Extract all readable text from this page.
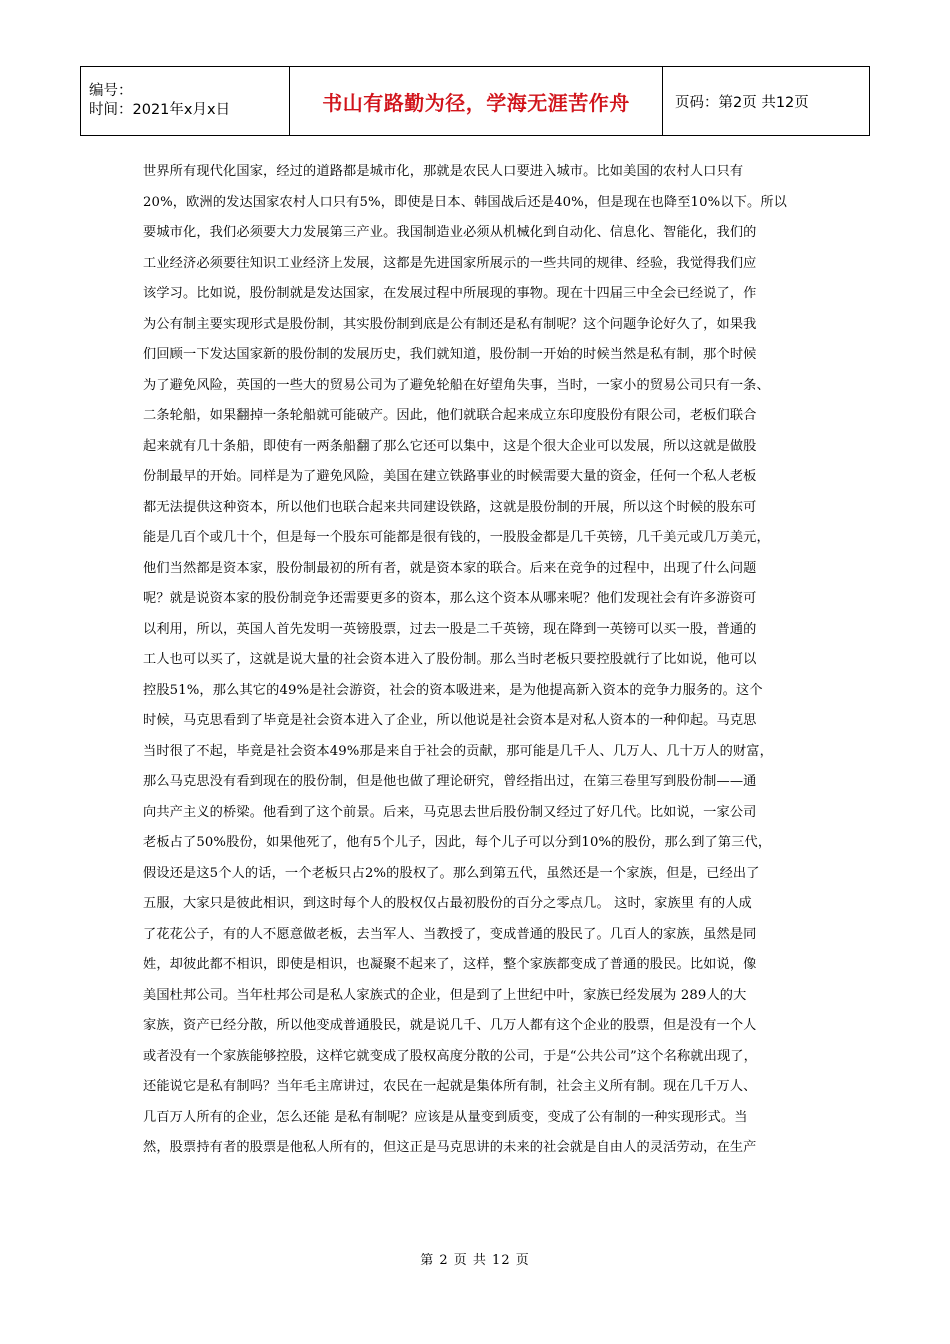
编号：
时间：2021年x月x日	书山有路勤为径，学海无涯苦作舟	页码：第2页 共12页

世界所有现代化国家，经过的道路都是城市化，那就是农民人口要进入城市。比如美国的农村人口只有

20%，欧洲的发达国家农村人口只有5%，即使是日本、韩国战后还是40%，但是现在也降至10%以下。所以

要城市化，我们必须要大力发展第三产业。我国制造业必须从机械化到自动化、信息化、智能化，我们的

工业经济必须要往知识工业经济上发展，这都是先进国家所展示的一些共同的规律、经验，我觉得我们应

该学习。比如说，股份制就是发达国家，在发展过程中所展现的事物。现在十四届三中全会已经说了，作

为公有制主要实现形式是股份制，其实股份制到底是公有制还是私有制呢？这个问题争论好久了，如果我

们回顾一下发达国家新的股份制的发展历史，我们就知道，股份制一开始的时候当然是私有制，那个时候

为了避免风险，英国的一些大的贸易公司为了避免轮船在好望角失事，当时，一家小的贸易公司只有一条、

二条轮船，如果翻掉一条轮船就可能破产。因此，他们就联合起来成立东印度股份有限公司，老板们联合

起来就有几十条船，即使有一两条船翻了那么它还可以集中，这是个很大企业可以发展，所以这就是做股

份制最早的开始。同样是为了避免风险，美国在建立铁路事业的时候需要大量的资金，任何一个私人老板

都无法提供这种资本，所以他们也联合起来共同建设铁路，这就是股份制的开展，所以这个时候的股东可

能是几百个或几十个，但是每一个股东可能都是很有钱的，一股股金都是几千英镑，几千美元或几万美元，

他们当然都是资本家，股份制最初的所有者，就是资本家的联合。后来在竞争的过程中，出现了什么问题

呢？就是说资本家的股份制竞争还需要更多的资本，那么这个资本从哪来呢？他们发现社会有许多游资可

以利用，所以，英国人首先发明一英镑股票，过去一股是二千英镑，现在降到一英镑可以买一股，普通的

工人也可以买了，这就是说大量的社会资本进入了股份制。那么当时老板只要控股就行了比如说，他可以

控股51%，那么其它的49%是社会游资，社会的资本吸进来，是为他提高新入资本的竞争力服务的。这个

时候，马克思看到了毕竟是社会资本进入了企业，所以他说是社会资本是对私人资本的一种仰起。马克思

当时很了不起，毕竟是社会资本49%那是来自于社会的贡献，那可能是几千人、几万人、几十万人的财富，

那么马克思没有看到现在的股份制，但是他也做了理论研究，曾经指出过，在第三卷里写到股份制——通

向共产主义的桥梁。他看到了这个前景。后来，马克思去世后股份制又经过了好几代。比如说，一家公司

老板占了50%股份，如果他死了，他有5个儿子，因此，每个儿子可以分到10%的股份，那么到了第三代，

假设还是这5个人的话，一个老板只占2%的股权了。那么到第五代，虽然还是一个家族，但是，已经出了

五服，大家只是彼此相识，到这时每个人的股权仅占最初股份的百分之零点几。 这时，家族里 有的人成

了花花公子，有的人不愿意做老板，去当军人、当教授了，变成普通的股民了。几百人的家族，虽然是同

姓，却彼此都不相识，即使是相识，也凝聚不起来了，这样，整个家族都变成了普通的股民。比如说，像

美国杜邦公司。当年杜邦公司是私人家族式的企业，但是到了上世纪中叶，家族已经发展为 289人的大

家族，资产已经分散，所以他变成普通股民，就是说几千、几万人都有这个企业的股票，但是没有一个人

或者没有一个家族能够控股，这样它就变成了股权高度分散的公司，于是“公共公司”这个名称就出现了，

还能说它是私有制吗？当年毛主席讲过，农民在一起就是集体所有制，社会主义所有制。现在几千万人、

几百万人所有的企业，怎么还能 是私有制呢？应该是从量变到质变，变成了公有制的一种实现形式。当

然，股票持有者的股票是他私人所有的，但这正是马克思讲的未来的社会就是自由人的灵活劳动，在生产

第 2 页 共 12 页
